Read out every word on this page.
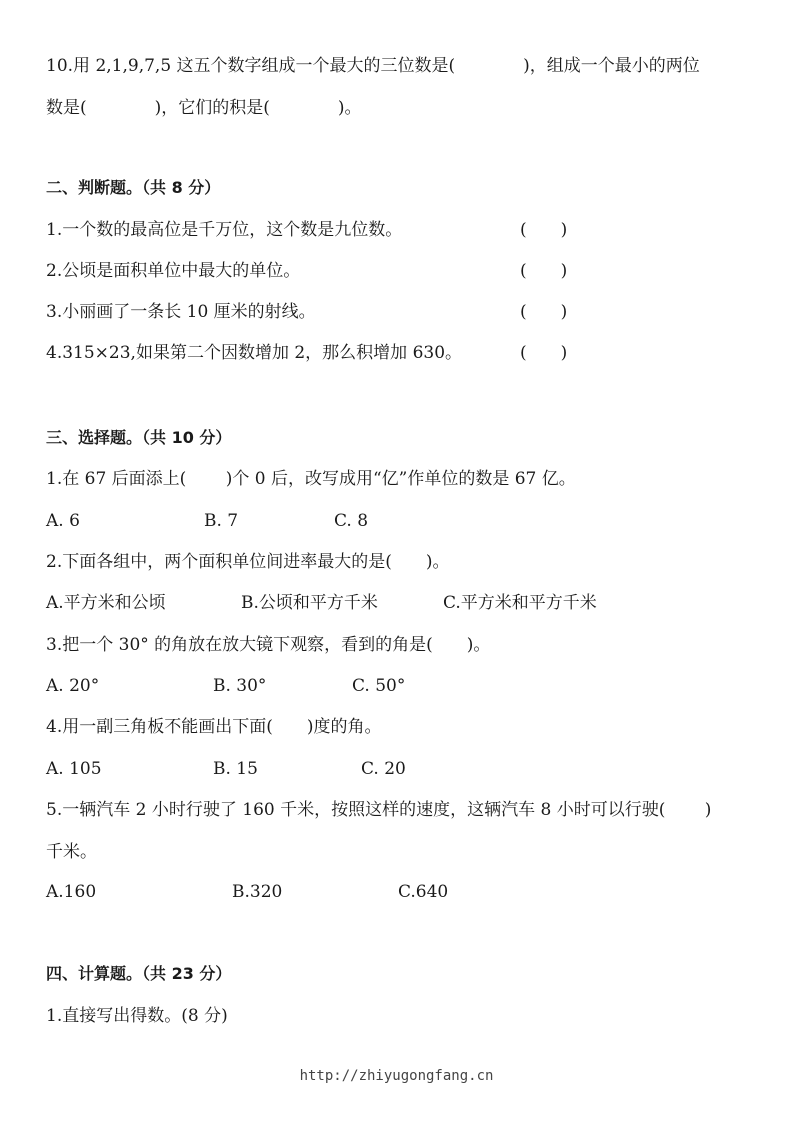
10.用 2,1,9,7,5 这五个数字组成一个最大的三位数是(　　　　)，组成一个最小的两位
数是(　　　　)，它们的积是(　　　　)。
二、判断题。（共 8 分）
1.一个数的最高位是千万位，这个数是九位数。	(　　)
2.公顷是面积单位中最大的单位。	(　　)
3.小丽画了一条长 10 厘米的射线。	(　　)
4.315×23,如果第二个因数增加 2，那么积增加 630。	(　　)
三、选择题。（共 10 分）
1.在 67 后面添上(　　 )个 0 后，改写成用“亿”作单位的数是 67 亿。
A. 6	B. 7	C. 8
2.下面各组中，两个面积单位间进率最大的是(　　)。
A.平方米和公顷	B.公顷和平方千米	C.平方米和平方千米
3.把一个 30° 的角放在放大镜下观察，看到的角是(　　)。
A. 20°	B. 30°	C. 50°
4.用一副三角板不能画出下面(　　)度的角。
A. 105	B. 15	C. 20
5.一辆汽车 2 小时行驶了 160 千米，按照这样的速度，这辆汽车 8 小时可以行驶(　　 )
千米。
A.160	B.320	C.640
四、计算题。（共 23 分）
1.直接写出得数。(8 分)
http://zhiyugongfang.cn
